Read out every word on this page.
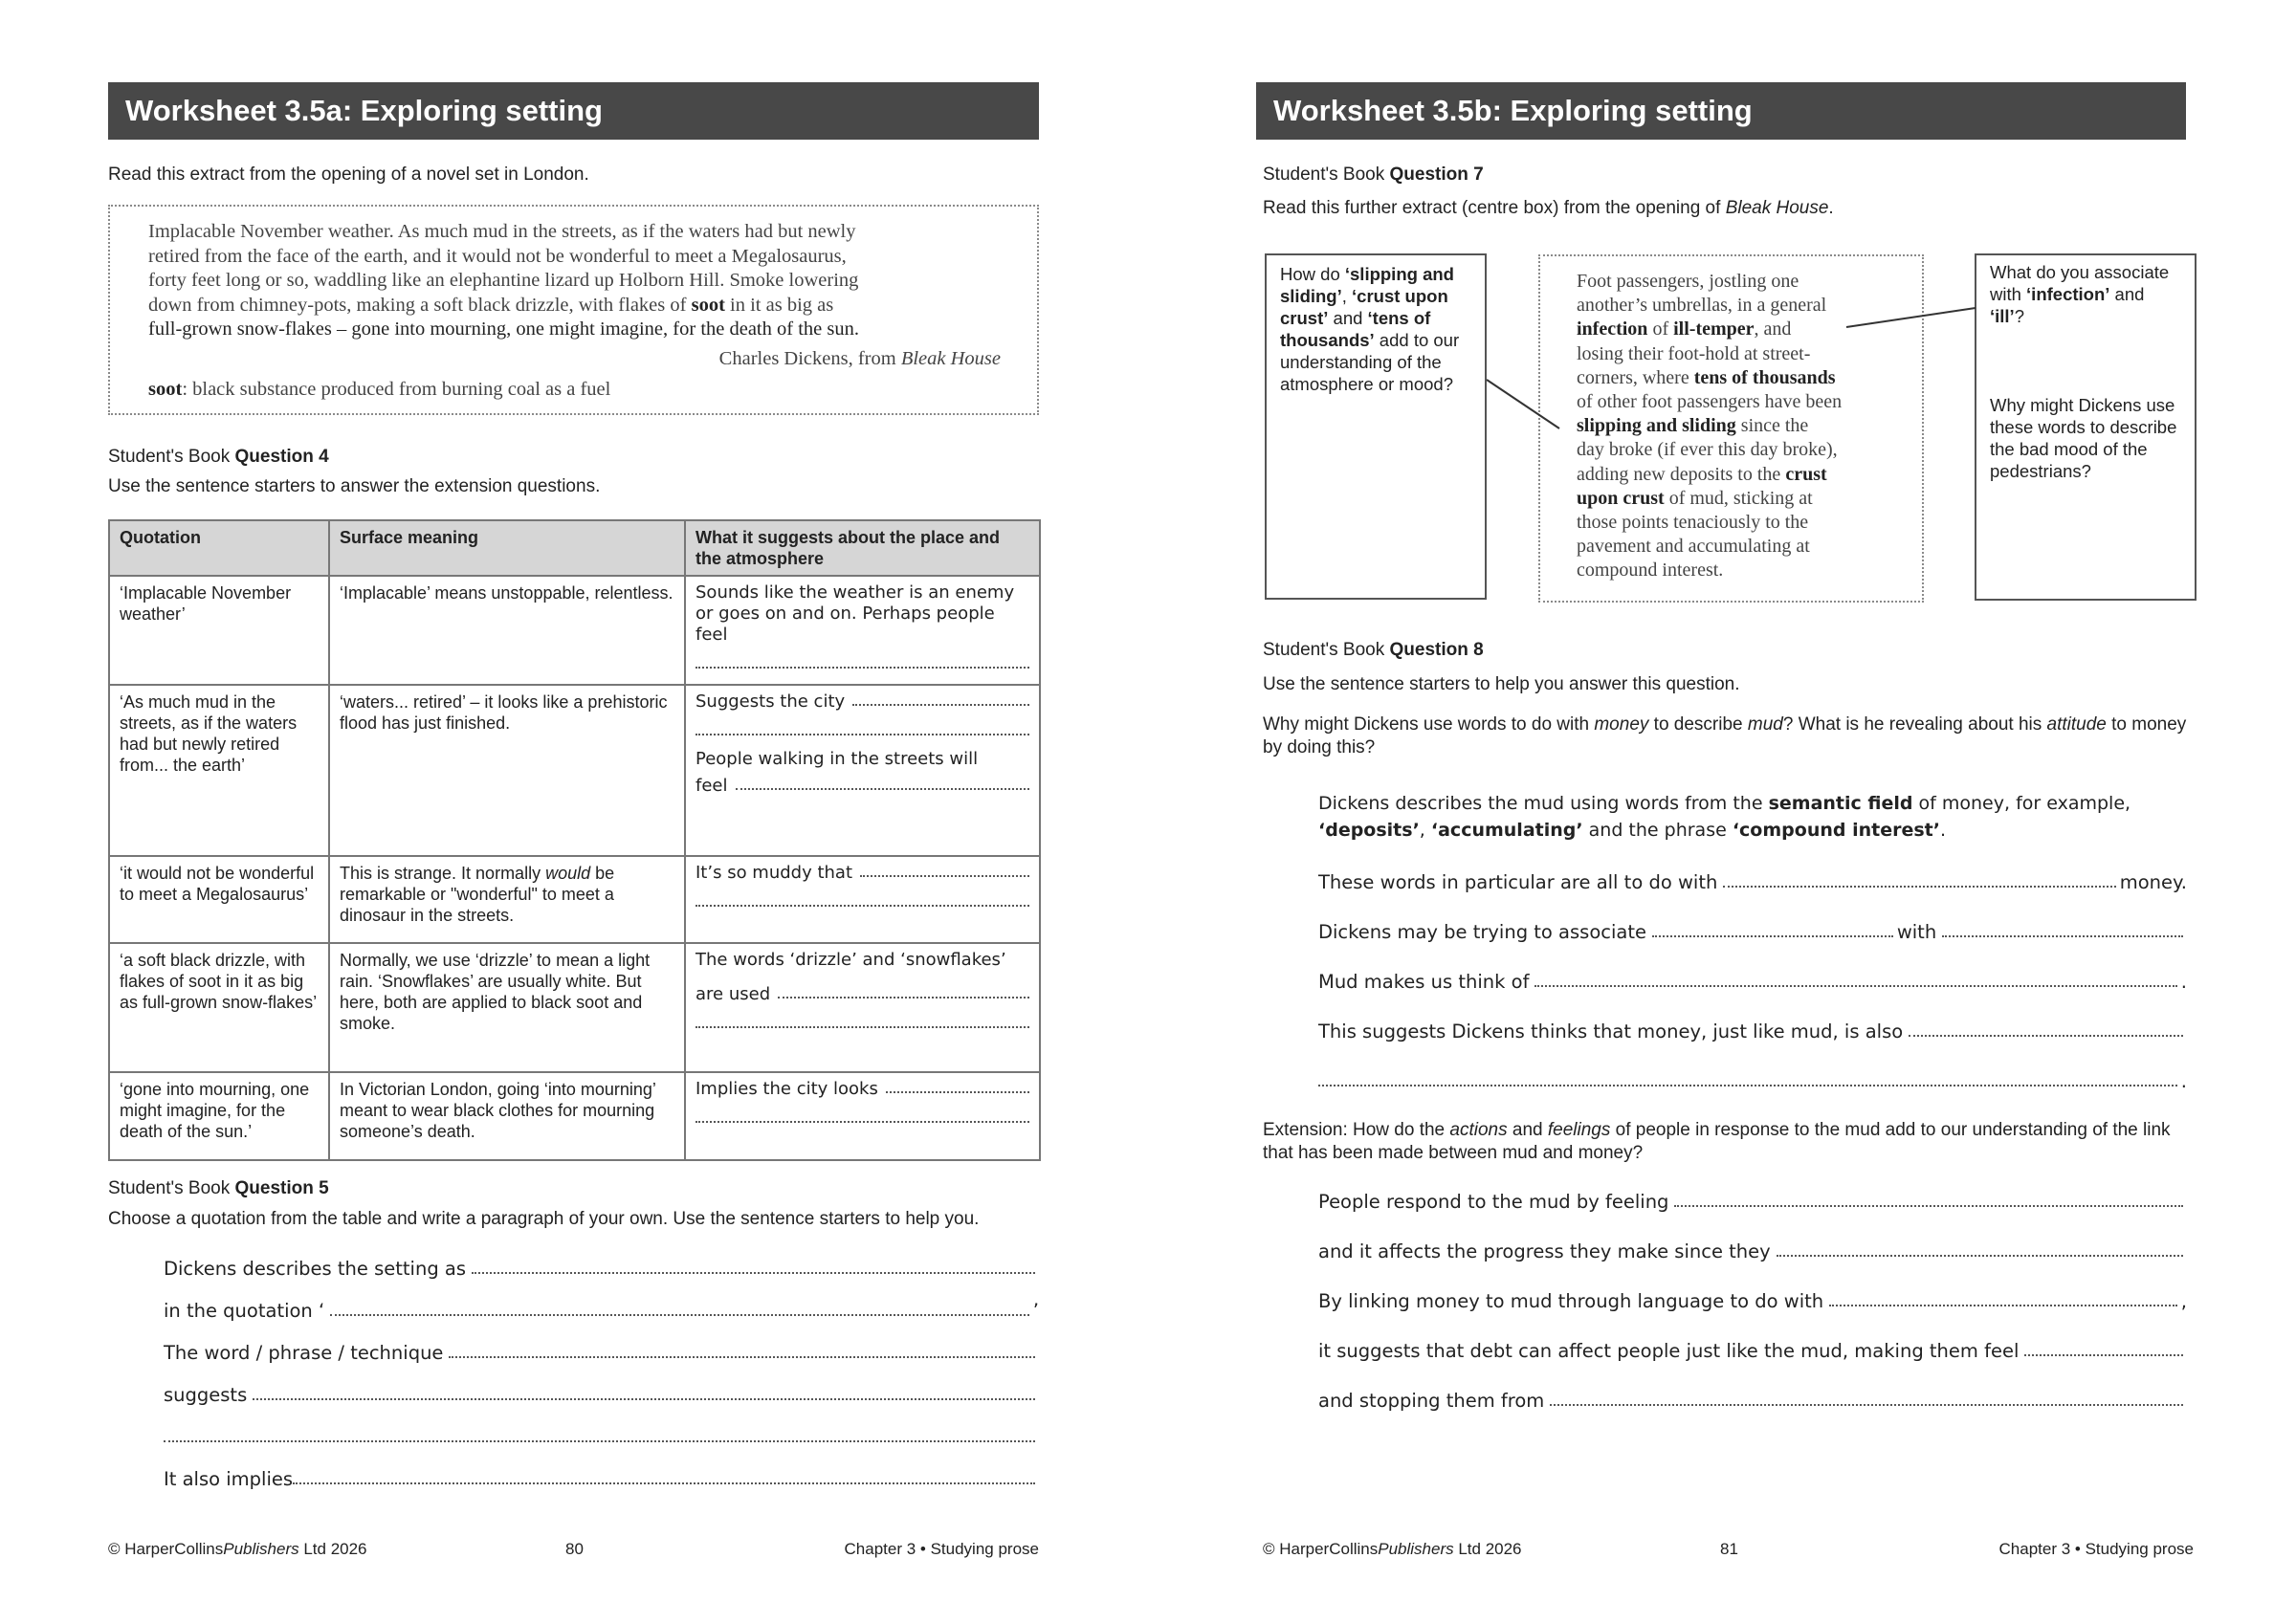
Worksheet 3.5a: Exploring setting
Read this extract from the opening of a novel set in London.
Implacable November weather. As much mud in the streets, as if the waters had but newly
retired from the face of the earth, and it would not be wonderful to meet a Megalosaurus,
forty feet long or so, waddling like an elephantine lizard up Holborn Hill. Smoke lowering
down from chimney-pots, making a soft black drizzle, with flakes of soot in it as big as
full-grown snow-flakes – gone into mourning, one might imagine, for the death of the sun.
Charles Dickens, from Bleak House
soot: black substance produced from burning coal as a fuel
Student's Book Question 4
Use the sentence starters to answer the extension questions.
Quotation	Surface meaning	What it suggests about the place and the atmosphere
‘Implacable November weather’	‘Implacable’ means unstoppable, relentless.	Sounds like the weather is an enemy or goes on and on. Perhaps people feel

‘As much mud in the streets, as if the waters had but newly retired from... the earth’	‘waters... retired’ – it looks like a prehistoric flood has just finished.	Suggests the city
People walking in the streets will
feel

‘it would not be wonderful to meet a Megalosaurus’	This is strange. It normally would be remarkable or "wonderful" to meet a dinosaur in the streets.	It’s so muddy that

‘a soft black drizzle, with flakes of soot in it as big as full-grown snow-flakes’	Normally, we use ‘drizzle’ to mean a light rain. ‘Snowflakes’ are usually white. But here, both are applied to black soot and smoke.	The words ‘drizzle’ and ‘snowflakes’
are used

‘gone into mourning, one might imagine, for the death of the sun.’	In Victorian London, going ‘into mourning’ meant to wear black clothes for mourning someone’s death.	Implies the city looks
Student's Book Question 5
Choose a quotation from the table and write a paragraph of your own. Use the sentence starters to help you.
Dickens describes the setting as
in the quotation ‘	’
The word / phrase / technique
suggests
It also implies
© HarperCollinsPublishers Ltd 2026	80	Chapter 3 • Studying prose
Worksheet 3.5b: Exploring setting
Student's Book Question 7
Read this further extract (centre box) from the opening of Bleak House.
How do ‘slipping and sliding’, ‘crust upon crust’ and ‘tens of thousands’ add to our understanding of the atmosphere or mood?
Foot passengers, jostling one
another’s umbrellas, in a general
infection of ill-temper, and
losing their foot-hold at street-
corners, where tens of thousands
of other foot passengers have been
slipping and sliding since the
day broke (if ever this day broke),
adding new deposits to the crust
upon crust of mud, sticking at
those points tenaciously to the
pavement and accumulating at
compound interest.
What do you associate with ‘infection’ and ‘ill’?
Why might Dickens use these words to describe the bad mood of the pedestrians?
Student's Book Question 8
Use the sentence starters to help you answer this question.
Why might Dickens use words to do with money to describe mud? What is he revealing about his attitude to money by doing this?
Dickens describes the mud using words from the semantic field of money, for example,
‘deposits’, ‘accumulating’ and the phrase ‘compound interest’.
These words in particular are all to do with	money.
Dickens may be trying to associate	with
Mud makes us think of	.
This suggests Dickens thinks that money, just like mud, is also
.
Extension: How do the actions and feelings of people in response to the mud add to our understanding of the link that has been made between mud and money?
People respond to the mud by feeling
and it affects the progress they make since they
By linking money to mud through language to do with	,
it suggests that debt can affect people just like the mud, making them feel
and stopping them from
© HarperCollinsPublishers Ltd 2026	81	Chapter 3 • Studying prose
